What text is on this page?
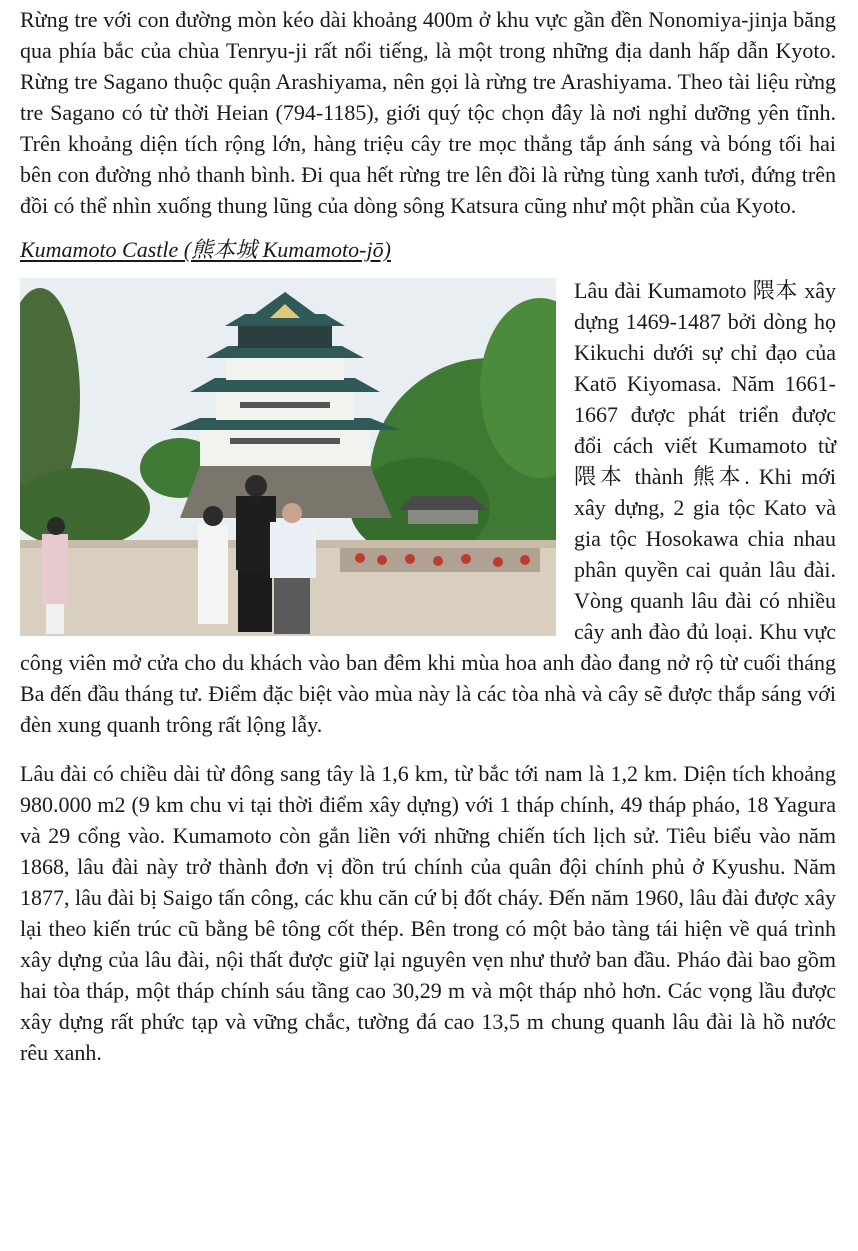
Rừng tre với con đường mòn kéo dài khoảng 400m ở khu vực gần đền Nonomiya-jinja băng qua phía bắc của chùa Tenryu-ji rất nổi tiếng, là một trong những địa danh hấp dẫn Kyoto. Rừng tre Sagano thuộc quận Arashiyama, nên gọi là rừng tre Arashiyama. Theo tài liệu rừng tre Sagano có từ thời Heian (794-1185), giới quý tộc chọn đây là nơi nghỉ dưỡng yên tĩnh. Trên khoảng diện tích rộng lớn, hàng triệu cây tre mọc thẳng tắp ánh sáng và bóng tối hai bên con đường nhỏ thanh bình. Đi qua hết rừng tre lên đồi là rừng tùng xanh tươi, đứng trên đồi có thể nhìn xuống thung lũng của dòng sông Katsura cũng như một phần của Kyoto.

Kumamoto Castle (熊本城 Kumamoto-jō)

Lâu đài Kumamoto 隈本 xây dựng 1469-1487 bởi dòng họ Kikuchi dưới sự chỉ đạo của Katō Kiyomasa. Năm 1661-1667 được phát triển được đổi cách viết Kumamoto từ 隈本 thành 熊本. Khi mới xây dựng, 2 gia tộc Kato và gia tộc Hosokawa chia nhau phân quyền cai quản lâu đài. Vòng quanh lâu đài có nhiều cây anh đào đủ loại. Khu vực công viên mở cửa cho du khách vào ban đêm khi mùa hoa anh đào đang nở rộ từ cuối tháng Ba đến đầu tháng tư. Điểm đặc biệt vào mùa này là các tòa nhà và cây sẽ được thắp sáng với đèn xung quanh trông rất lộng lẫy.

Lâu đài có chiều dài từ đông sang tây là 1,6 km, từ bắc tới nam là 1,2 km. Diện tích khoảng 980.000 m2 (9 km chu vi tại thời điểm xây dựng) với 1 tháp chính, 49 tháp pháo, 18 Yagura và 29 cổng vào. Kumamoto còn gắn liền với những chiến tích lịch sử. Tiêu biểu vào năm 1868, lâu đài này trở thành đơn vị đồn trú chính của quân đội chính phủ ở Kyushu. Năm 1877, lâu đài bị Saigo tấn công, các khu căn cứ bị đốt cháy. Đến năm 1960, lâu đài được xây lại theo kiến trúc cũ bằng bê tông cốt thép. Bên trong có một bảo tàng tái hiện về quá trình xây dựng của lâu đài, nội thất được giữ lại nguyên vẹn như thưở ban đầu. Pháo đài bao gồm hai tòa tháp, một tháp chính sáu tầng cao 30,29 m và một tháp nhỏ hơn. Các vọng lầu được xây dựng rất phức tạp và vững chắc, tường đá cao 13,5 m chung quanh lâu đài là hồ nước rêu xanh.
